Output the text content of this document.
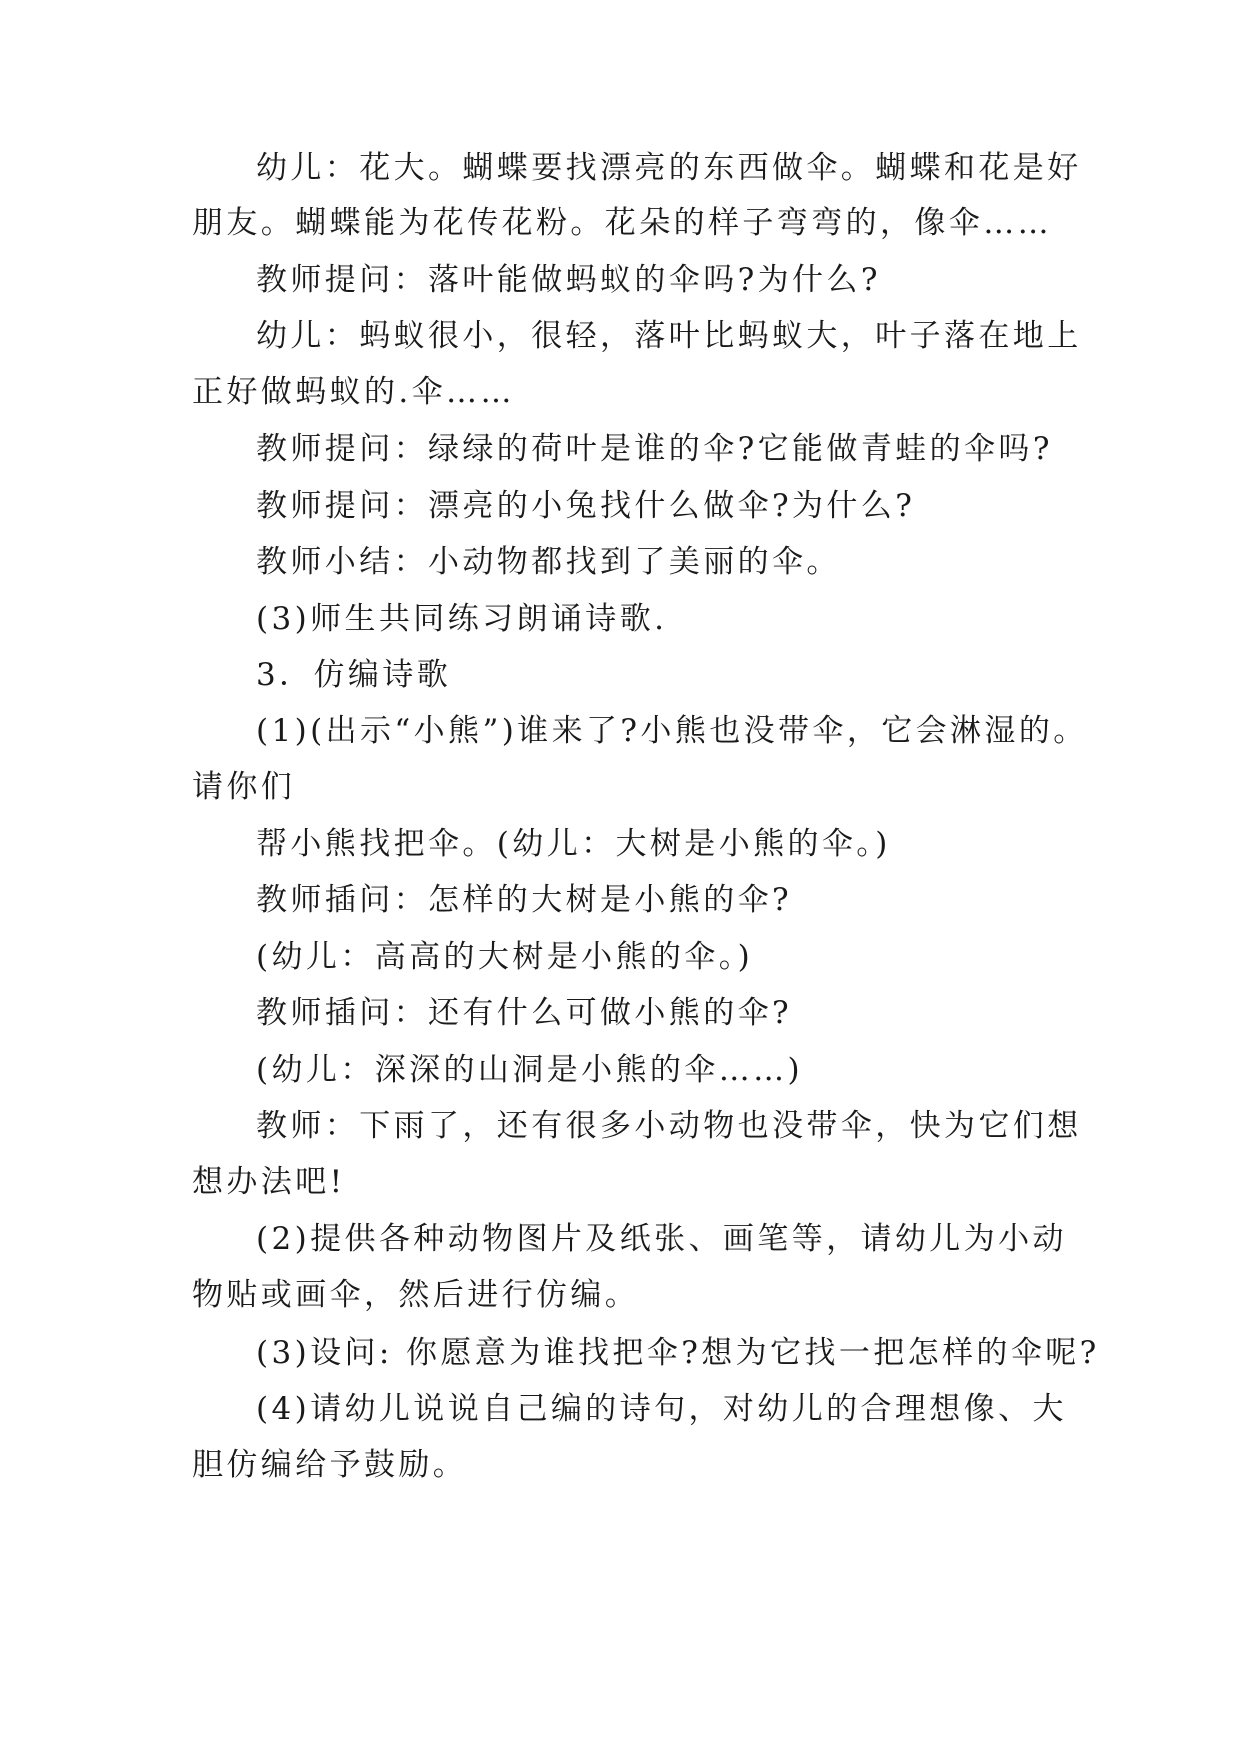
幼儿：花大。蝴蝶要找漂亮的东西做伞。蝴蝶和花是好
朋友。蝴蝶能为花传花粉。花朵的样子弯弯的，像伞……
教师提问：落叶能做蚂蚁的伞吗?为什么?
幼儿：蚂蚁很小，很轻，落叶比蚂蚁大，叶子落在地上
正好做蚂蚁的.伞……
教师提问：绿绿的荷叶是谁的伞?它能做青蛙的伞吗?
教师提问：漂亮的小兔找什么做伞?为什么?
教师小结：小动物都找到了美丽的伞。
(3)师生共同练习朗诵诗歌.
3．仿编诗歌
(1)(出示“小熊”)谁来了?小熊也没带伞，它会淋湿的。
请你们
帮小熊找把伞。(幼儿：大树是小熊的伞。)
教师插问：怎样的大树是小熊的伞?
(幼儿：高高的大树是小熊的伞。)
教师插问：还有什么可做小熊的伞?
(幼儿：深深的山洞是小熊的伞……)
教师：下雨了，还有很多小动物也没带伞，快为它们想
想办法吧!
(2)提供各种动物图片及纸张、画笔等，请幼儿为小动
物贴或画伞，然后进行仿编。
(3)设问: 你愿意为谁找把伞?想为它找一把怎样的伞呢?
(4)请幼儿说说自己编的诗句，对幼儿的合理想像、大
胆仿编给予鼓励。
